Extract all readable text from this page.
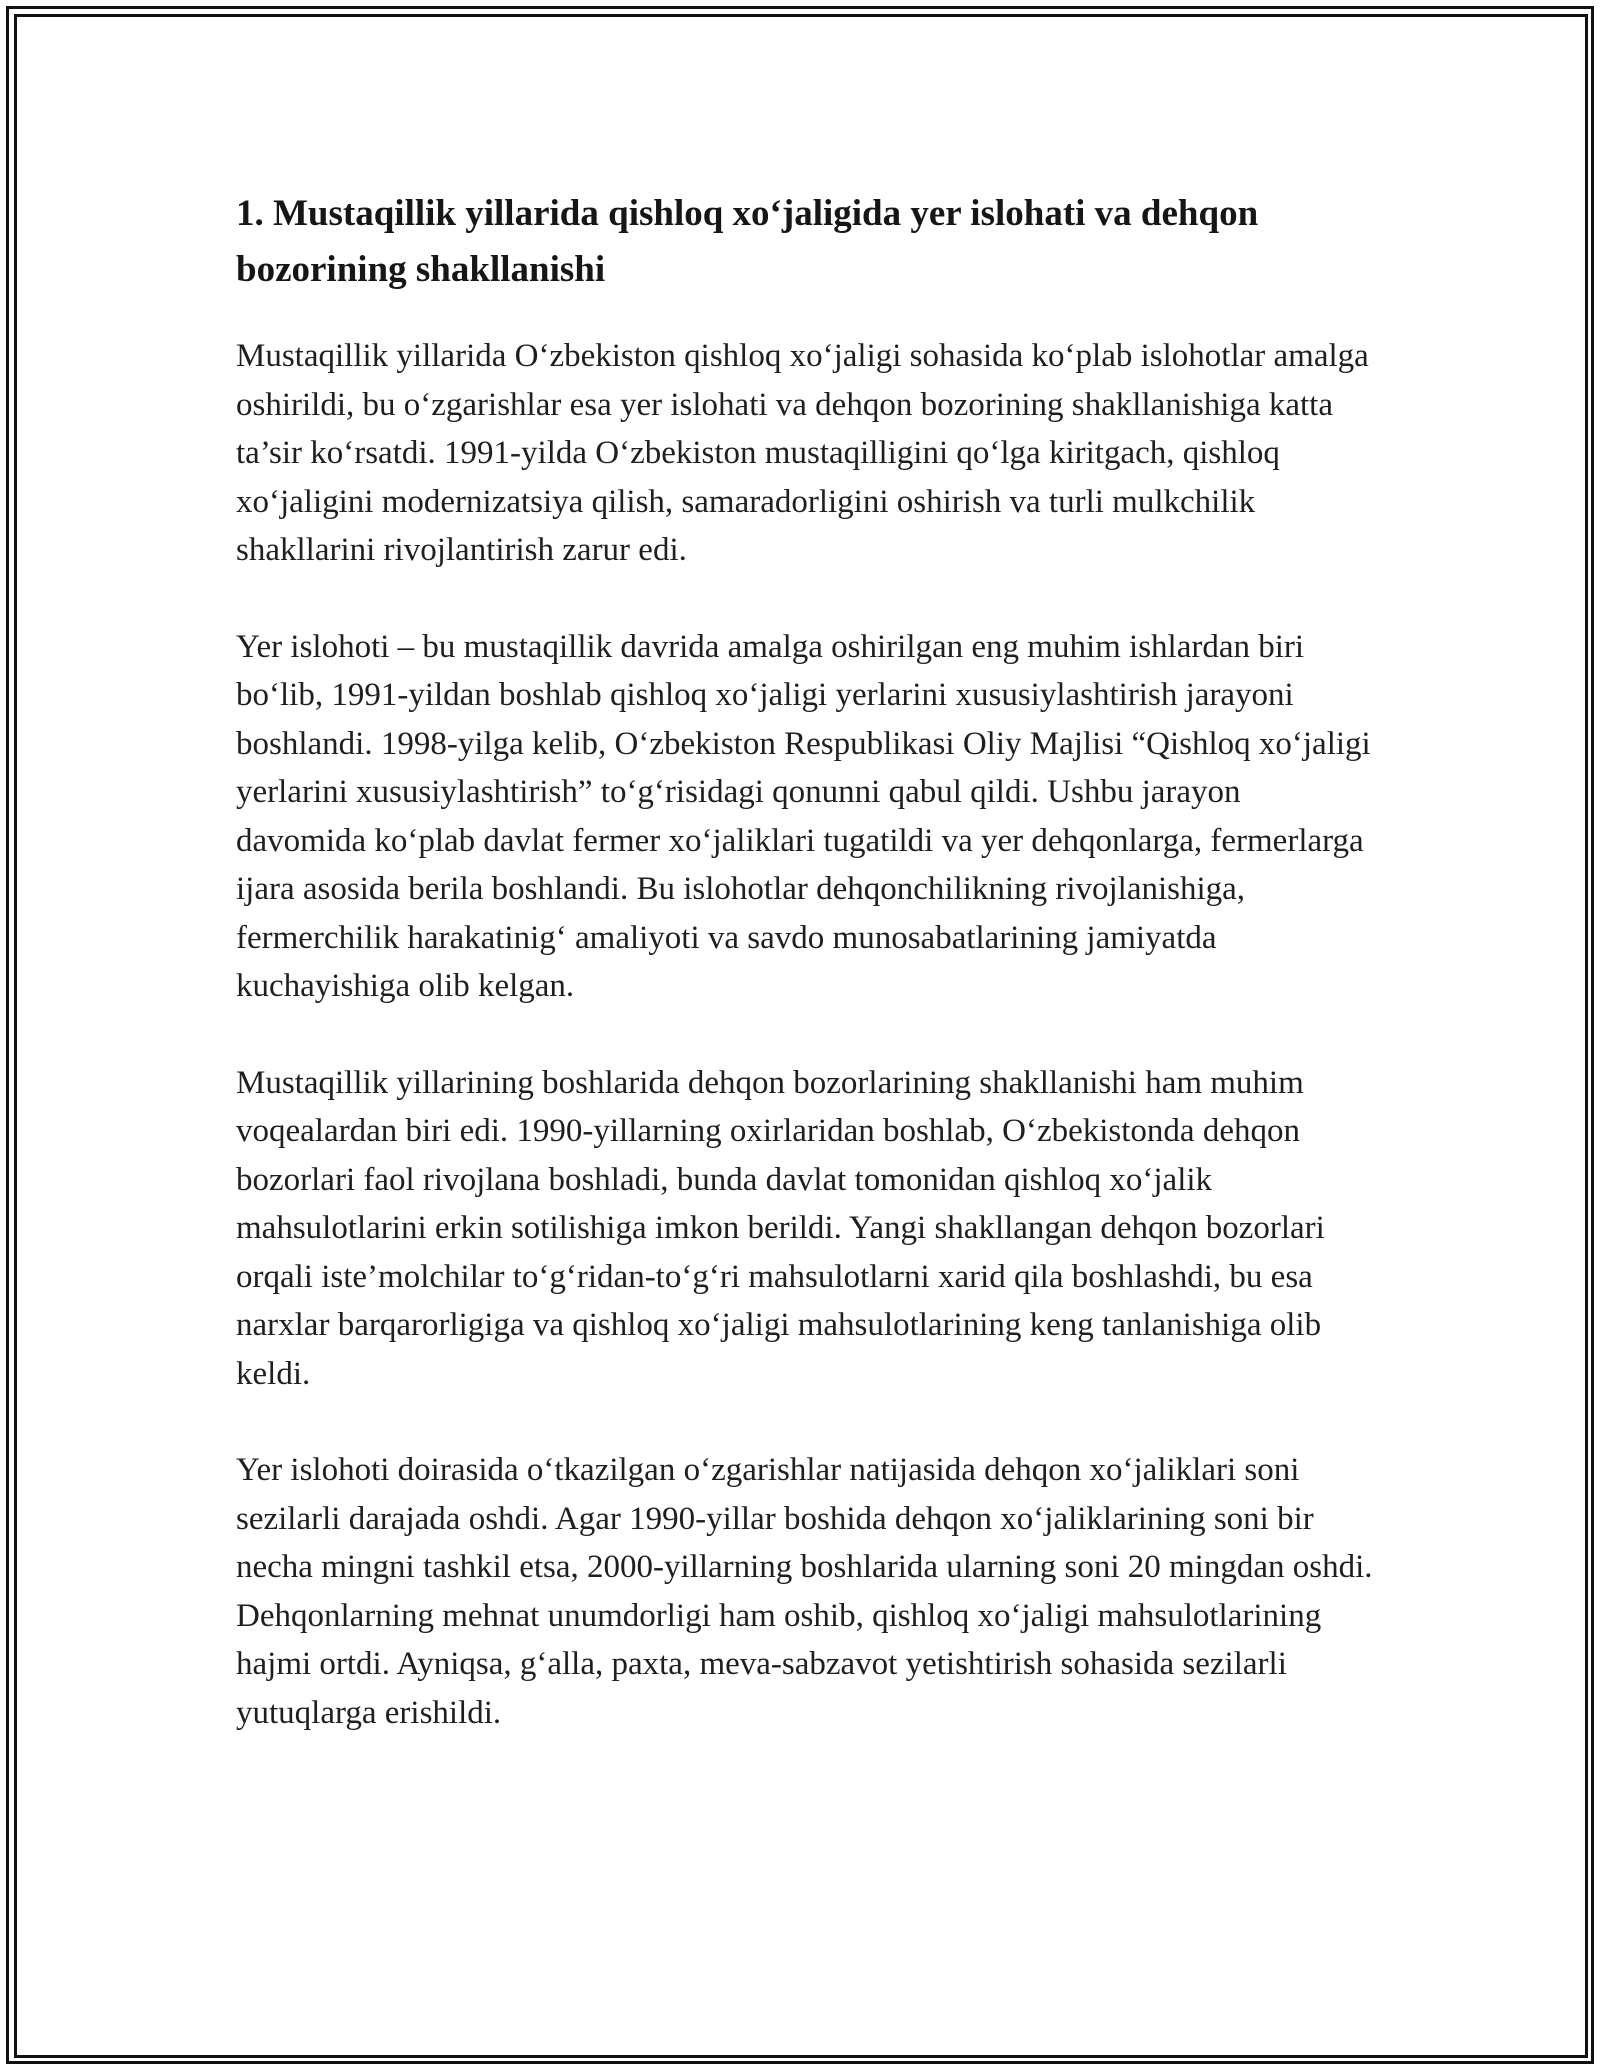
1. Mustaqillik yillarida qishloq xo‘jaligida yer islohati va dehqon bozorining shakllanishi

Mustaqillik yillarida O‘zbekiston qishloq xo‘jaligi sohasida ko‘plab islohotlar amalga oshirildi, bu o‘zgarishlar esa yer islohati va dehqon bozorining shakllanishiga katta ta’sir ko‘rsatdi. 1991-yilda O‘zbekiston mustaqilligini qo‘lga kiritgach, qishloq xo‘jaligini modernizatsiya qilish, samaradorligini oshirish va turli mulkchilik shakllarini rivojlantirish zarur edi.

Yer islohoti – bu mustaqillik davrida amalga oshirilgan eng muhim ishlardan biri bo‘lib, 1991-yildan boshlab qishloq xo‘jaligi yerlarini xususiylashtirish jarayoni boshlandi. 1998-yilga kelib, O‘zbekiston Respublikasi Oliy Majlisi “Qishloq xo‘jaligi yerlarini xususiylashtirish” to‘g‘risidagi qonunni qabul qildi. Ushbu jarayon davomida ko‘plab davlat fermer xo‘jaliklari tugatildi va yer dehqonlarga, fermerlarga ijara asosida berila boshlandi. Bu islohotlar dehqonchilikning rivojlanishiga, fermerchilik harakatinig‘ amaliyoti va savdo munosabatlarining jamiyatda kuchayishiga olib kelgan.

Mustaqillik yillarining boshlarida dehqon bozorlarining shakllanishi ham muhim voqealardan biri edi. 1990-yillarning oxirlaridan boshlab, O‘zbekistonda dehqon bozorlari faol rivojlana boshladi, bunda davlat tomonidan qishloq xo‘jalik mahsulotlarini erkin sotilishiga imkon berildi. Yangi shakllangan dehqon bozorlari orqali iste’molchilar to‘g‘ridan-to‘g‘ri mahsulotlarni xarid qila boshlashdi, bu esa narxlar barqarorligiga va qishloq xo‘jaligi mahsulotlarining keng tanlanishiga olib keldi.

Yer islohoti doirasida o‘tkazilgan o‘zgarishlar natijasida dehqon xo‘jaliklari soni sezilarli darajada oshdi. Agar 1990-yillar boshida dehqon xo‘jaliklarining soni bir necha mingni tashkil etsa, 2000-yillarning boshlarida ularning soni 20 mingdan oshdi. Dehqonlarning mehnat unumdorligi ham oshib, qishloq xo‘jaligi mahsulotlarining hajmi ortdi. Ayniqsa, g‘alla, paxta, meva-sabzavot yetishtirish sohasida sezilarli yutuqlarga erishildi.
